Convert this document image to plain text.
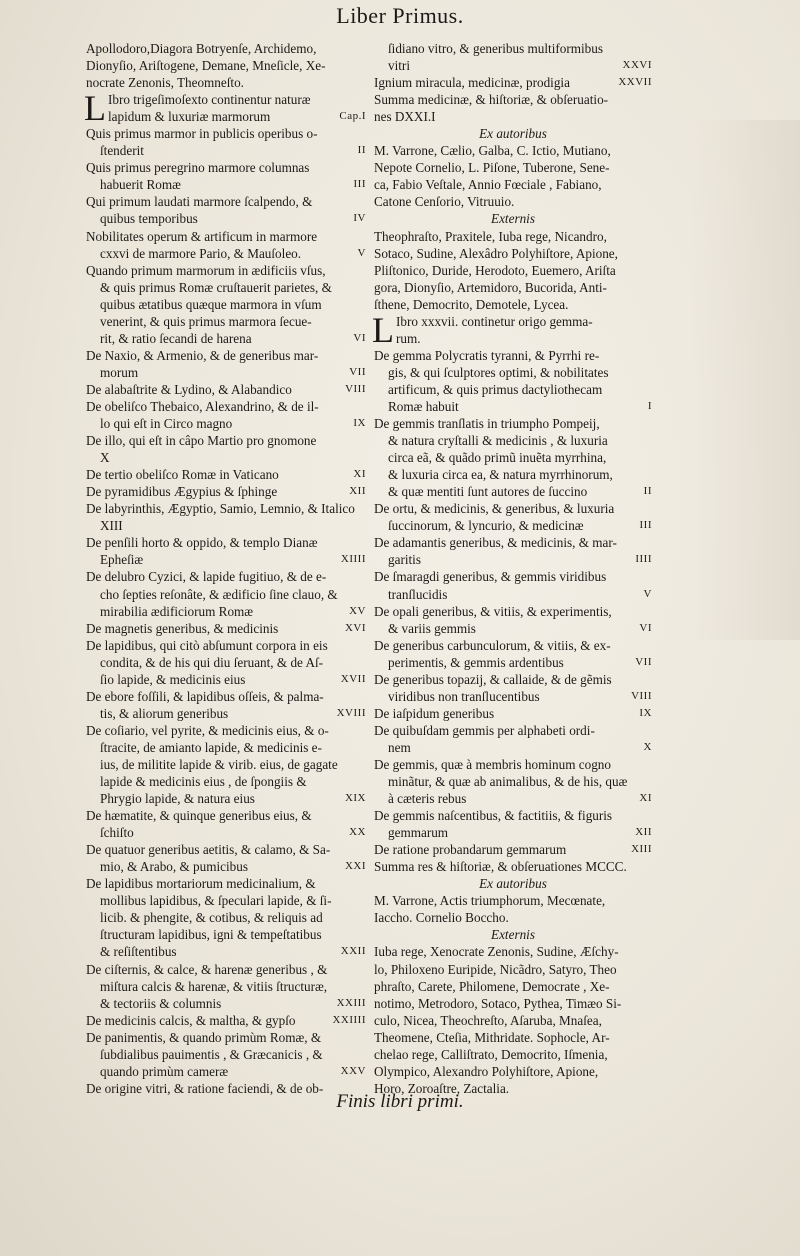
Liber Primus.
Apollodoro,Diagora Botryenſe, Archidemo,
Dionyſio, Ariſtogene, Demane, Mneſicle, Xe-
nocrate Zenonis, Theomneſto.
L Ibro trigeſimoſexto continentur naturæ
Cap.I
lapidum & luxuriæ marmorum
Quis primus marmor in publicis operibus o-
II
ſtenderit
Quis primus peregrino marmore columnas
III
habuerit Romæ
Qui primum laudati marmore ſcalpendo, &
IV
quibus temporibus
Nobilitates operum & artificum in marmore
V
cxxvi de marmore Pario, & Mauſoleo.
Quando primum marmorum in ædificiis vſus,
& quis primus Romæ cruſtauerit parietes, &
quibus ætatibus quæque marmora in vſum
venerint, & quis primus marmora ſecue-
VI
rit, & ratio ſecandi de harena
De Naxio, & Armenio, & de generibus mar-
VII
morum
VIII
De alabaſtrite & Lydino, & Alabandico
De obeliſco Thebaico, Alexandrino, & de il-
IX
lo qui eſt in Circo magno
De illo, qui eſt in câpo Martio pro gnomone
X
XI
De tertio obeliſco Romæ in Vaticano
XII
De pyramidibus Ægypius & ſphinge
De labyrinthis, Ægyptio, Samio, Lemnio, & Italico
XIII
De penſili horto & oppido, & templo Dianæ
XIIII
Epheſiæ
De delubro Cyzici, & lapide fugitiuo, & de e-
cho ſepties reſonâte, & ædificio ſine clauo, &
XV
mirabilia ædificiorum Romæ
XVI
De magnetis generibus, & medicinis
De lapidibus, qui citò abſumunt corpora in eis
condita, & de his qui diu ſeruant, & de Aſ-
XVII
ſio lapide, & medicinis eius
De ebore foſſili, & lapidibus oſſeis, & palma-
XVIII
tis, & aliorum generibus
De coſiario, vel pyrite, & medicinis eius, & o-
ſtracite, de amianto lapide, & medicinis e-
ius, de militite lapide & virib. eius, de gagate
lapide & medicinis eius , de ſpongiis &
XIX
Phrygio lapide, & natura eius
De hæmatite, & quinque generibus eius, &
XX
ſchiſto
De quatuor generibus aetitis, & calamo, & Sa-
XXI
mio, & Arabo, & pumicibus
De lapidibus mortariorum medicinalium, &
mollibus lapidibus, & ſpeculari lapide, & ſi-
licib. & phengite, & cotibus, & reliquis ad
ſtructuram lapidibus, igni & tempeſtatibus
XXII
& reſiſtentibus
De ciſternis, & calce, & harenæ generibus , &
miſtura calcis & harenæ, & vitiis ſtructuræ,
XXIII
& tectoriis & columnis
XXIIII
De medicinis calcis, & maltha, & gypſo
De panimentis, & quando primùm Romæ, &
ſubdialibus pauimentis , & Græcanicis , &
XXV
quando primùm cameræ
De origine vitri, & ratione faciendi, & de ob-
ſidiano vitro, & generibus multiformibus
XXVI
vitri
XXVII
Ignium miracula, medicinæ, prodigia
Summa medicinæ, & hiſtoriæ, & obſeruatio-
nes DXXI.I
Ex autoribus
M. Varrone, Cælio, Galba, C. Ictio, Mutiano,
Nepote Cornelio, L. Piſone, Tuberone, Sene-
ca, Fabio Veſtale, Annio Fœciale , Fabiano,
Catone Cenſorio, Vitruuio.
Externis
Theophraſto, Praxitele, Iuba rege, Nicandro,
Sotaco, Sudine, Alexâdro Polyhiſtore, Apione,
Pliſtonico, Duride, Herodoto, Euemero, Ariſta
gora, Dionyſio, Artemidoro, Bucorida, Anti-
ſthene, Democrito, Demotele, Lycea.
L Ibro xxxvii. continetur origo gemma-
rum.
De gemma Polycratis tyranni, & Pyrrhi re-
gis, & qui ſculptores optimi, & nobilitates
artificum, & quis primus dactyliothecam
I
Romæ habuit
De gemmis tranſlatis in triumpho Pompeij,
& natura cryſtalli & medicinis , & luxuria
circa eã, & quãdo primũ inuẽta myrrhina,
& luxuria circa ea, & natura myrrhinorum,
II
& quæ mentiti ſunt autores de ſuccino
De ortu, & medicinis, & generibus, & luxuria
III
ſuccinorum, & lyncurio, & medicinæ
De adamantis generibus, & medicinis, & mar-
IIII
garitis
De ſmaragdi generibus, & gemmis viridibus
V
tranſlucidis
De opali generibus, & vitiis, & experimentis,
VI
& variis gemmis
De generibus carbunculorum, & vitiis, & ex-
VII
perimentis, & gemmis ardentibus
De generibus topazij, & callaide, & de gẽmis
VIII
viridibus non tranſlucentibus
IX
De iaſpidum generibus
De quibuſdam gemmis per alphabeti ordi-
X
nem
De gemmis, quæ à membris hominum cogno
minãtur, & quæ ab animalibus, & de his, quæ
XI
à cæteris rebus
De gemmis naſcentibus, & factitiis, & figuris
XII
gemmarum
XIII
De ratione probandarum gemmarum
Summa res & hiſtoriæ, & obſeruationes MCCC.
Ex autoribus
M. Varrone, Actis triumphorum, Mecœnate,
Iaccho. Cornelio Boccho.
Externis
Iuba rege, Xenocrate Zenonis, Sudine, Æſchy-
lo, Philoxeno Euripide, Nicãdro, Satyro, Theo
phraſto, Carete, Philomene, Democrate , Xe-
notimo, Metrodoro, Sotaco, Pythea, Timæo Si-
culo, Nicea, Theochreſto, Aſaruba, Mnaſea,
Theomene, Cteſia, Mithridate. Sophocle, Ar-
chelao rege, Calliſtrato, Democrito, Iſmenia,
Olympico, Alexandro Polyhiſtore, Apione,
Horo, Zoroaſtre, Zactalia.
Finis libri primi.
